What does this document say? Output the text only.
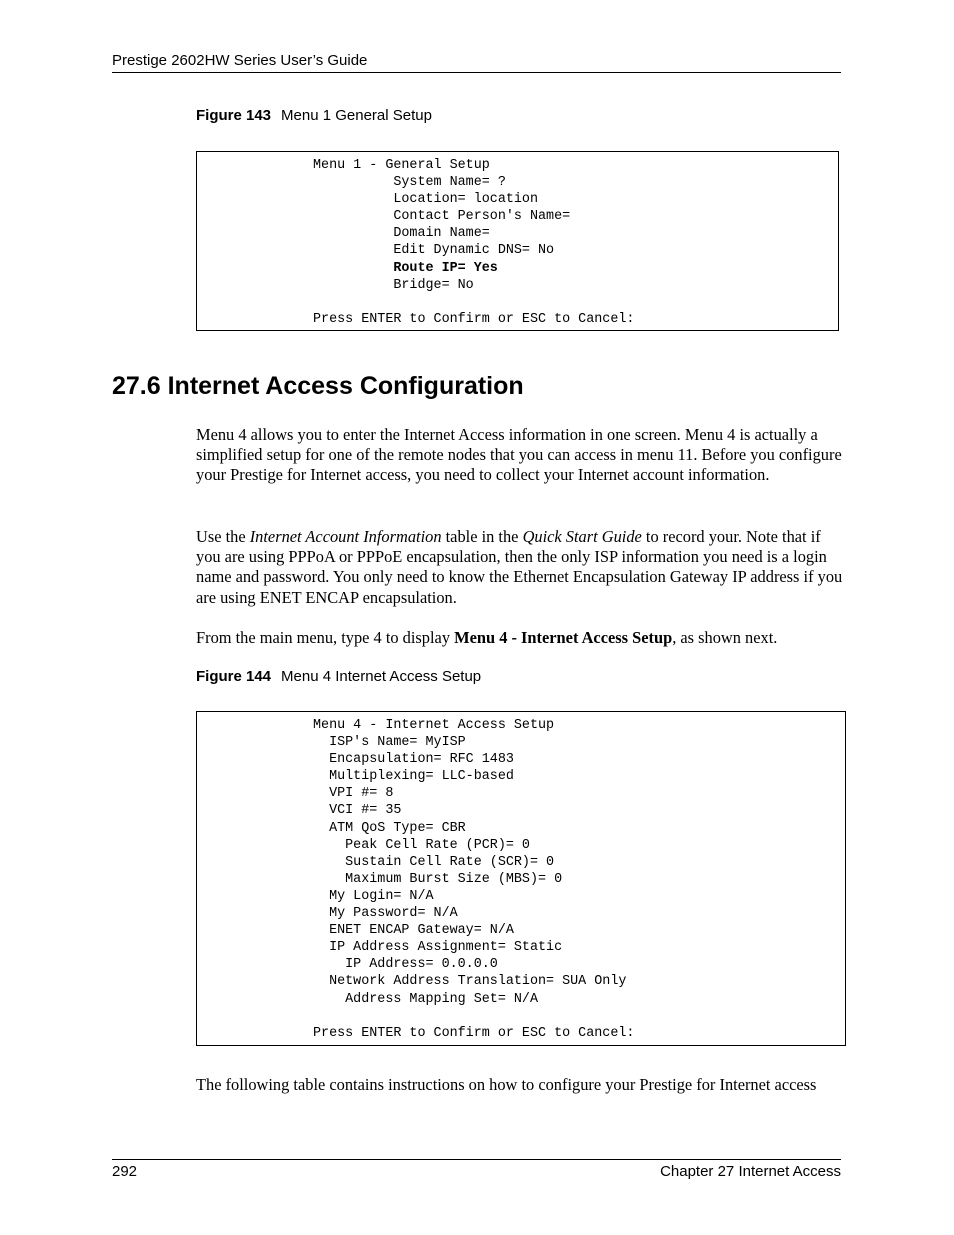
Prestige 2602HW Series User’s Guide
Figure 143 Menu 1 General Setup
Menu 1 - General Setup
System Name= ?
Location= location
Contact Person's Name=
Domain Name=
Edit Dynamic DNS= No
Route IP= Yes
Bridge= No

Press ENTER to Confirm or ESC to Cancel:
27.6 Internet Access Configuration

Menu 4 allows you to enter the Internet Access information in one screen. Menu 4 is actually a simplified setup for one of the remote nodes that you can access in menu 11. Before you configure your Prestige for Internet access, you need to collect your Internet account information.

Use the Internet Account Information table in the Quick Start Guide to record your. Note that if you are using PPPoA or PPPoE encapsulation, then the only ISP information you need is a login name and password. You only need to know the Ethernet Encapsulation Gateway IP address if you are using ENET ENCAP encapsulation.

From the main menu, type 4 to display Menu 4 - Internet Access Setup, as shown next.

Figure 144 Menu 4 Internet Access Setup
Menu 4 - Internet Access Setup
ISP's Name= MyISP
Encapsulation= RFC 1483
Multiplexing= LLC-based
VPI #= 8
VCI #= 35
ATM QoS Type= CBR
Peak Cell Rate (PCR)= 0
Sustain Cell Rate (SCR)= 0
Maximum Burst Size (MBS)= 0
My Login= N/A
My Password= N/A
ENET ENCAP Gateway= N/A
IP Address Assignment= Static
IP Address= 0.0.0.0
Network Address Translation= SUA Only
Address Mapping Set= N/A

Press ENTER to Confirm or ESC to Cancel:

The following table contains instructions on how to configure your Prestige for Internet access

292	Chapter 27 Internet Access
